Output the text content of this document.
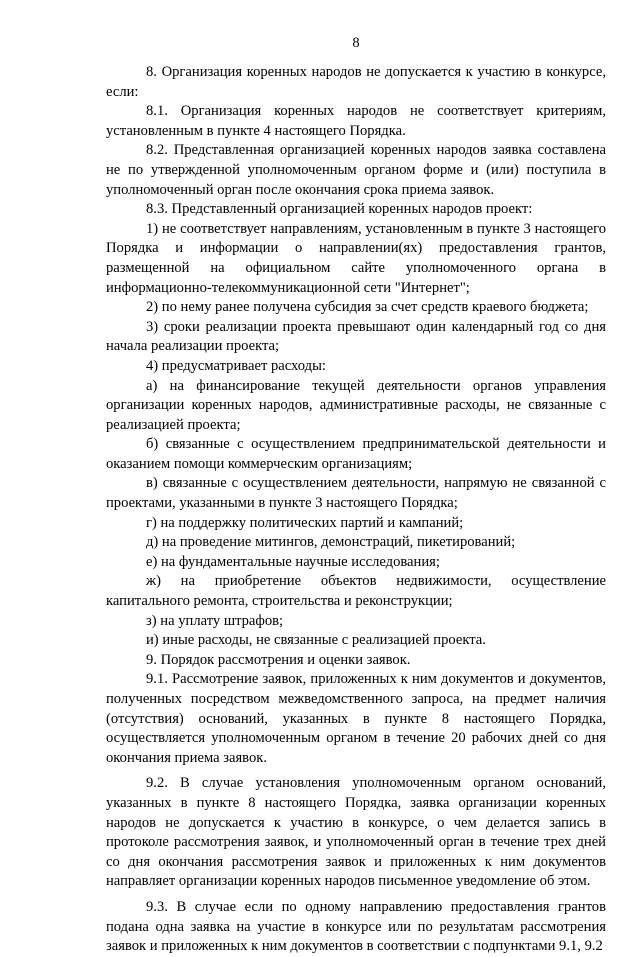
8

8. Организация коренных народов не допускается к участию в конкурсе, если:

8.1. Организация коренных народов не соответствует критериям, установленным в пункте 4 настоящего Порядка.

8.2. Представленная организацией коренных народов заявка составлена не по утвержденной уполномоченным органом форме и (или) поступила в уполномоченный орган после окончания срока приема заявок.

8.3. Представленный организацией коренных народов проект:

1) не соответствует направлениям, установленным в пункте 3 настоящего Порядка и информации о направлении(ях) предоставления грантов, размещенной на официальном сайте уполномоченного органа в информационно-телекоммуникационной сети "Интернет";

2) по нему ранее получена субсидия за счет средств краевого бюджета;

3) сроки реализации проекта превышают один календарный год со дня начала реализации проекта;

4) предусматривает расходы:

а) на финансирование текущей деятельности органов управления организации коренных народов, административные расходы, не связанные с реализацией проекта;

б) связанные с осуществлением предпринимательской деятельности и оказанием помощи коммерческим организациям;

в) связанные с осуществлением деятельности, напрямую не связанной с проектами, указанными в пункте 3 настоящего Порядка;

г) на поддержку политических партий и кампаний;

д) на проведение митингов, демонстраций, пикетирований;

е) на фундаментальные научные исследования;

ж) на приобретение объектов недвижимости, осуществление капитального ремонта, строительства и реконструкции;

з) на уплату штрафов;

и) иные расходы, не связанные с реализацией проекта.

9. Порядок рассмотрения и оценки заявок.

9.1. Рассмотрение заявок, приложенных к ним документов и документов, полученных посредством межведомственного запроса, на предмет наличия (отсутствия) оснований, указанных в пункте 8 настоящего Порядка, осуществляется уполномоченным органом в течение 20 рабочих дней со дня окончания приема заявок.

9.2. В случае установления уполномоченным органом оснований, указанных в пункте 8 настоящего Порядка, заявка организации коренных народов не допускается к участию в конкурсе, о чем делается запись в протоколе рассмотрения заявок, и уполномоченный орган в течение трех дней со дня окончания рассмотрения заявок и приложенных к ним документов направляет организации коренных народов письменное уведомление об этом.

9.3. В случае если по одному направлению предоставления грантов подана одна заявка на участие в конкурсе или по результатам рассмотрения заявок и приложенных к ним документов в соответствии с подпунктами 9.1, 9.2
